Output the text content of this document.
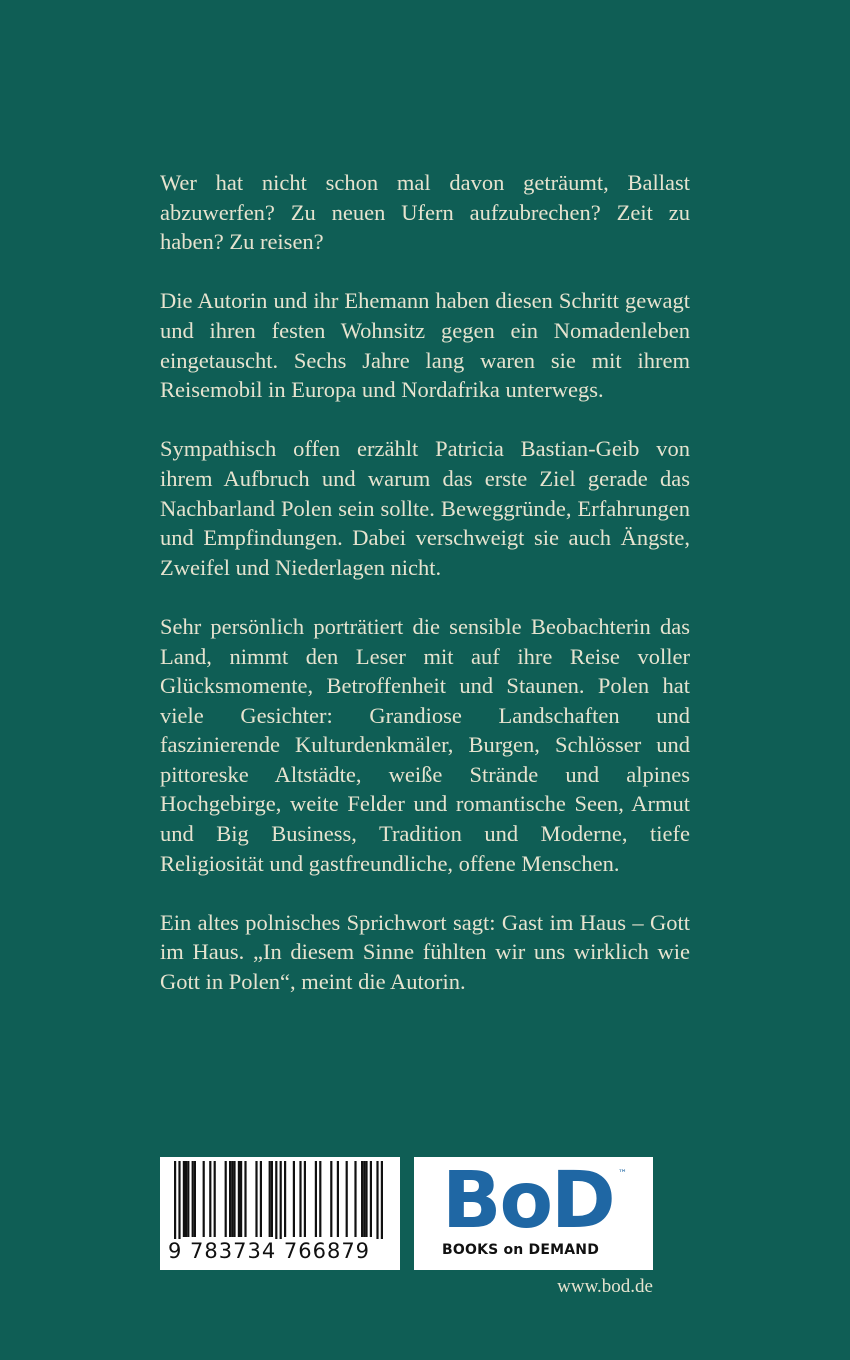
Wer hat nicht schon mal davon geträumt, Ballast abzuwerfen? Zu neuen Ufern aufzubrechen? Zeit zu haben? Zu reisen?

Die Autorin und ihr Ehemann haben diesen Schritt gewagt und ihren festen Wohnsitz gegen ein Nomadenleben eingetauscht. Sechs Jahre lang waren sie mit ihrem Reisemobil in Europa und Nordafrika unterwegs.

Sympathisch offen erzählt Patricia Bastian-Geib von ihrem Aufbruch und warum das erste Ziel gerade das Nachbarland Polen sein sollte. Beweggründe, Erfahrungen und Empfindungen. Dabei verschweigt sie auch Ängste, Zweifel und Niederlagen nicht.

Sehr persönlich porträtiert die sensible Beobachterin das Land, nimmt den Leser mit auf ihre Reise voller Glücksmomente, Betroffenheit und Staunen. Polen hat viele Gesichter: Grandiose Landschaften und faszinierende Kulturdenkmäler, Burgen, Schlösser und pittoreske Altstädte, weiße Strände und alpines Hochgebirge, weite Felder und romantische Seen, Armut und Big Business, Tradition und Moderne, tiefe Religiosität und gastfreundliche, offene Menschen.

Ein altes polnisches Sprichwort sagt: Gast im Haus – Gott im Haus. „In diesem Sinne fühlten wir uns wirklich wie Gott in Polen“, meint die Autorin.

9 783734 766879
BoD ™
BOOKS on DEMAND
www.bod.de
